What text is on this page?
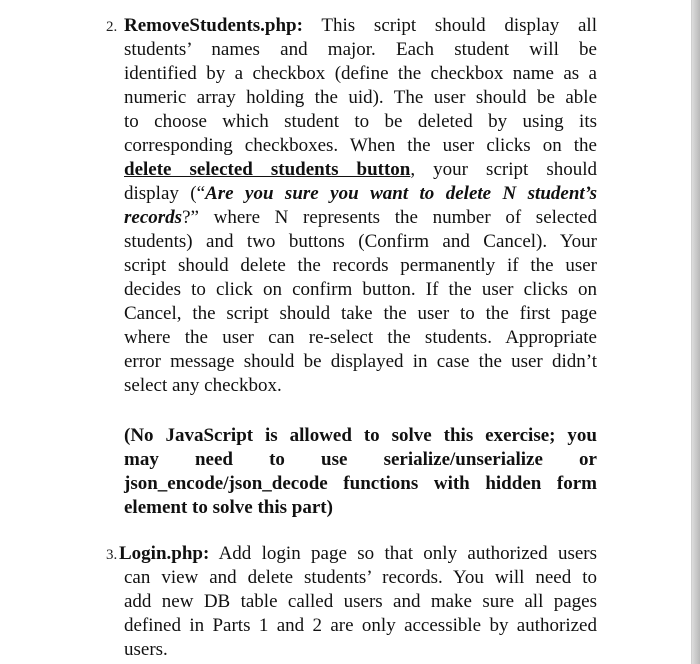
2. RemoveStudents.php: This script should display all
students’ names and major. Each student will be
identified by a checkbox (define the checkbox name as a
numeric array holding the uid). The user should be able
to choose which student to be deleted by using its
corresponding checkboxes. When the user clicks on the
delete selected students button, your script should
display (“Are you sure you want to delete N student’s
records?” where N represents the number of selected
students) and two buttons (Confirm and Cancel). Your
script should delete the records permanently if the user
decides to click on confirm button. If the user clicks on
Cancel, the script should take the user to the first page
where the user can re-select the students. Appropriate
error message should be displayed in case the user didn’t
select any checkbox.
(No JavaScript is allowed to solve this exercise; you
may need to use serialize/unserialize or
json_encode/json_decode functions with hidden form
element to solve this part)
3. Login.php: Add login page so that only authorized users
can view and delete students’ records. You will need to
add new DB table called users and make sure all pages
defined in Parts 1 and 2 are only accessible by authorized
users.
